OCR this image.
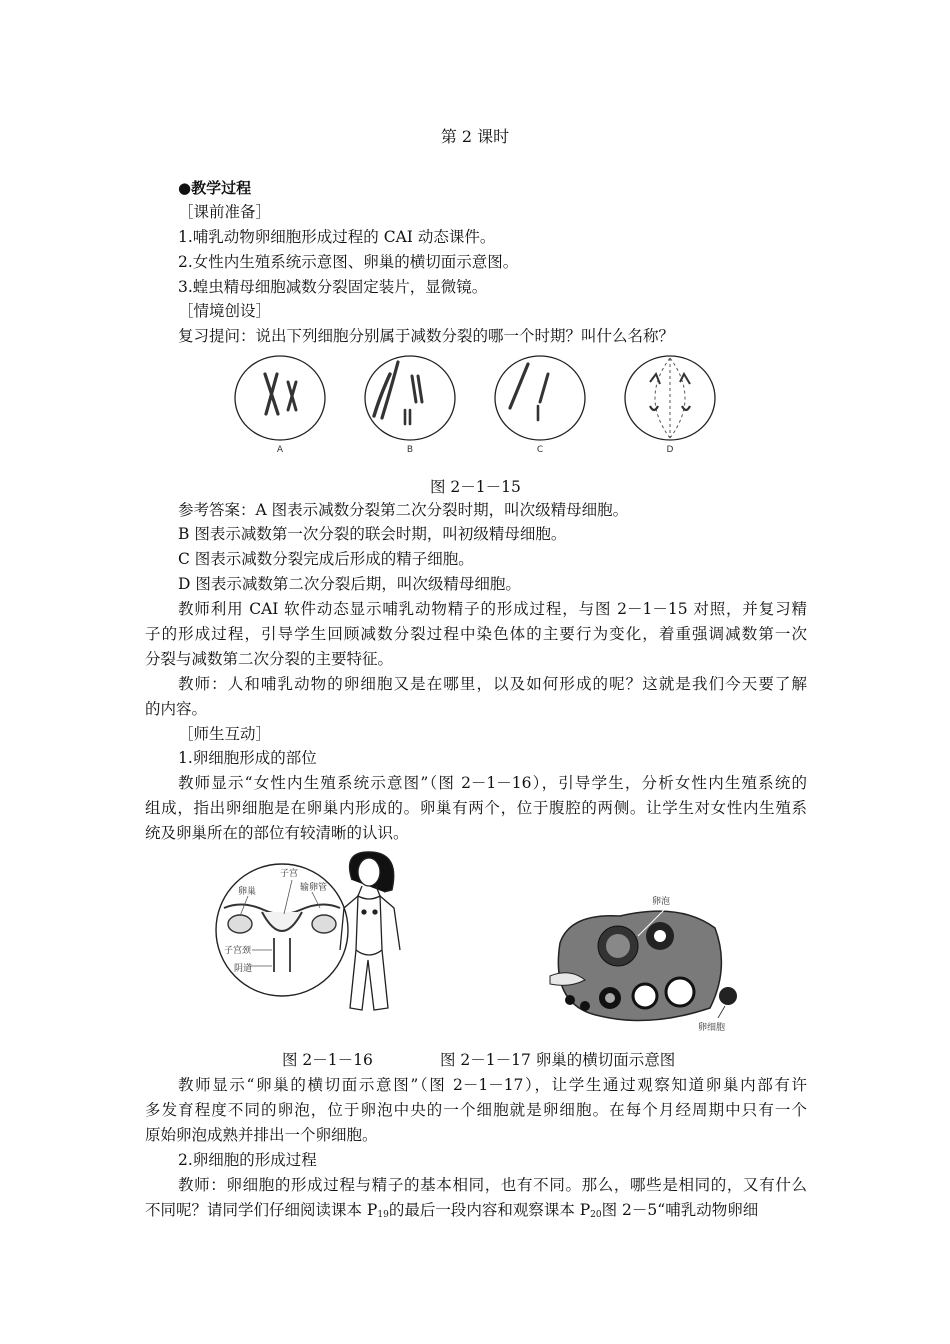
第 2 课时
●教学过程
［课前准备］
1.哺乳动物卵细胞形成过程的 CAI 动态课件。
2.女性内生殖系统示意图、卵巢的横切面示意图。
3.蝗虫精母细胞减数分裂固定装片，显微镜。
［情境创设］
复习提问：说出下列细胞分别属于减数分裂的哪一个时期？叫什么名称？
A	B	C	D
图 2－1－15
参考答案：A 图表示减数分裂第二次分裂时期，叫次级精母细胞。
B 图表示减数第一次分裂的联会时期，叫初级精母细胞。
C 图表示减数分裂完成后形成的精子细胞。
D 图表示减数第二次分裂后期，叫次级精母细胞。
教师利用 CAI 软件动态显示哺乳动物精子的形成过程，与图 2－1－15 对照，并复习精
子的形成过程，引导学生回顾减数分裂过程中染色体的主要行为变化，着重强调减数第一次
分裂与减数第二次分裂的主要特征。
教师：人和哺乳动物的卵细胞又是在哪里，以及如何形成的呢？这就是我们今天要了解
的内容。
［师生互动］
1.卵细胞形成的部位
教师显示“女性内生殖系统示意图”（图 2－1－16），引导学生，分析女性内生殖系统的
组成，指出卵细胞是在卵巢内形成的。卵巢有两个，位于腹腔的两侧。让学生对女性内生殖系
统及卵巢所在的部位有较清晰的认识。
子宫
卵巢	输卵管
子宫颈
阴道
卵泡
卵细胞
图 2－1－16	图 2－1－17 卵巢的横切面示意图
教师显示“卵巢的横切面示意图”（图 2－1－17），让学生通过观察知道卵巢内部有许
多发育程度不同的卵泡，位于卵泡中央的一个细胞就是卵细胞。在每个月经周期中只有一个
原始卵泡成熟并排出一个卵细胞。
2.卵细胞的形成过程
教师：卵细胞的形成过程与精子的基本相同，也有不同。那么，哪些是相同的，又有什么
不同呢？请同学们仔细阅读课本 $P_{19}$的最后一段内容和观察课本 $P_{20}$图 2－5“哺乳动物卵细
